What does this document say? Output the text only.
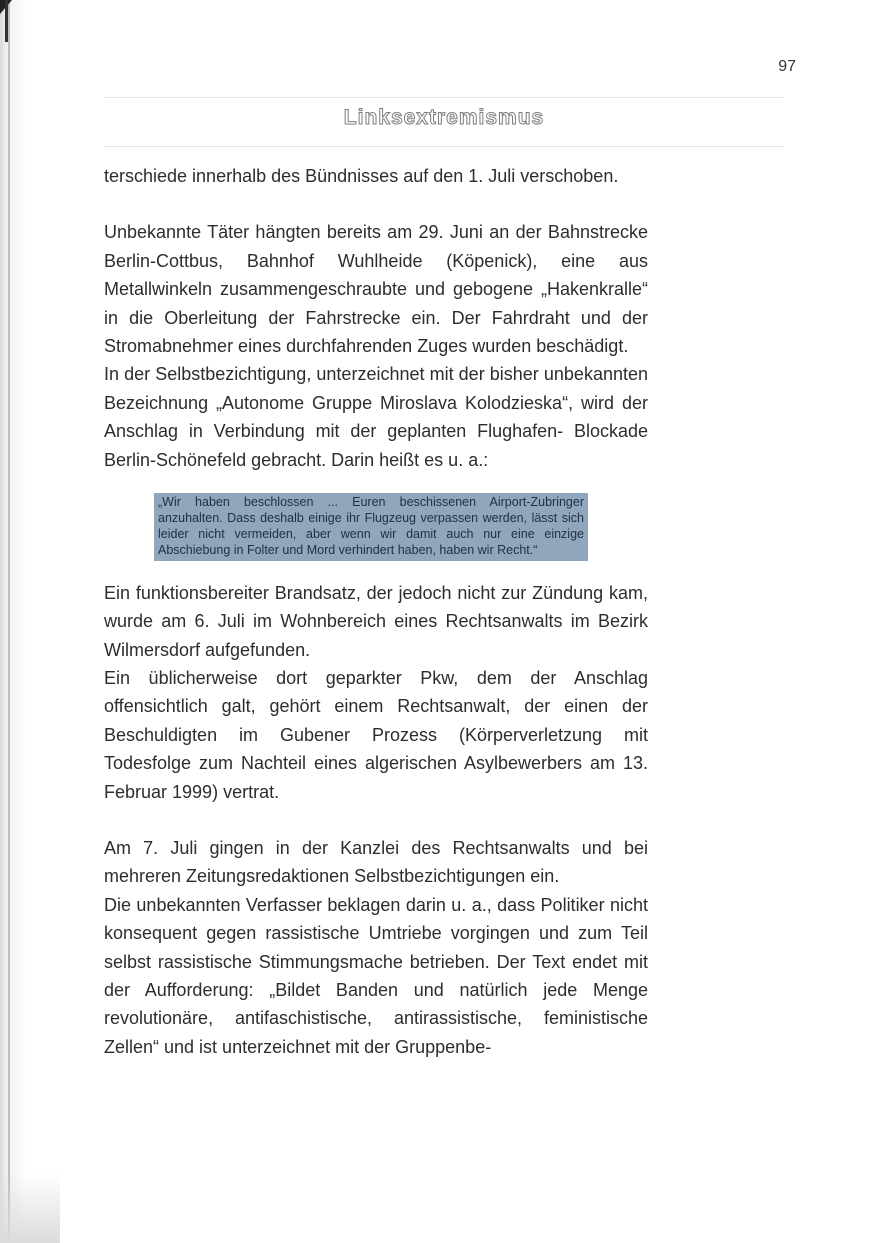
97
Linksextremismus

terschiede innerhalb des Bündnisses auf den 1. Juli verschoben.

Unbekannte Täter hängten bereits am 29. Juni an der Bahnstrecke Berlin-Cottbus, Bahnhof Wuhlheide (Köpenick), eine aus Metallwinkeln zusammengeschraubte und gebogene „Hakenkralle“ in die Oberleitung der Fahrstrecke ein. Der Fahrdraht und der Stromabnehmer eines durchfahrenden Zuges wurden beschädigt.

In der Selbstbezichtigung, unterzeichnet mit der bisher unbekannten Bezeichnung „Autonome Gruppe Miroslava Kolodzieska“, wird der Anschlag in Verbindung mit der geplanten Flughafen- Blockade Berlin-Schönefeld gebracht. Darin heißt es u. a.:

„Wir haben beschlossen ... Euren beschissenen Airport-Zubringer anzuhalten. Dass deshalb einige ihr Flugzeug verpassen werden, lässt sich leider nicht vermeiden, aber wenn wir damit auch nur eine einzige Abschiebung in Folter und Mord verhindert haben, haben wir Recht.“

Ein funktionsbereiter Brandsatz, der jedoch nicht zur Zündung kam, wurde am 6. Juli im Wohnbereich eines Rechtsanwalts im Bezirk Wilmersdorf aufgefunden.

Ein üblicherweise dort geparkter Pkw, dem der Anschlag offensichtlich galt, gehört einem Rechtsanwalt, der einen der Beschuldigten im Gubener Prozess (Körperverletzung mit Todesfolge zum Nachteil eines algerischen Asylbewerbers am 13. Februar 1999) vertrat.

Am 7. Juli gingen in der Kanzlei des Rechtsanwalts und bei mehreren Zeitungsredaktionen Selbstbezichtigungen ein.

Die unbekannten Verfasser beklagen darin u. a., dass Politiker nicht konsequent gegen rassistische Umtriebe vorgingen und zum Teil selbst rassistische Stimmungsmache betrieben. Der Text endet mit der Aufforderung: „Bildet Banden und natürlich jede Menge revolutionäre, antifaschistische, antirassistische, feministische Zellen“ und ist unterzeichnet mit der Gruppenbe-
